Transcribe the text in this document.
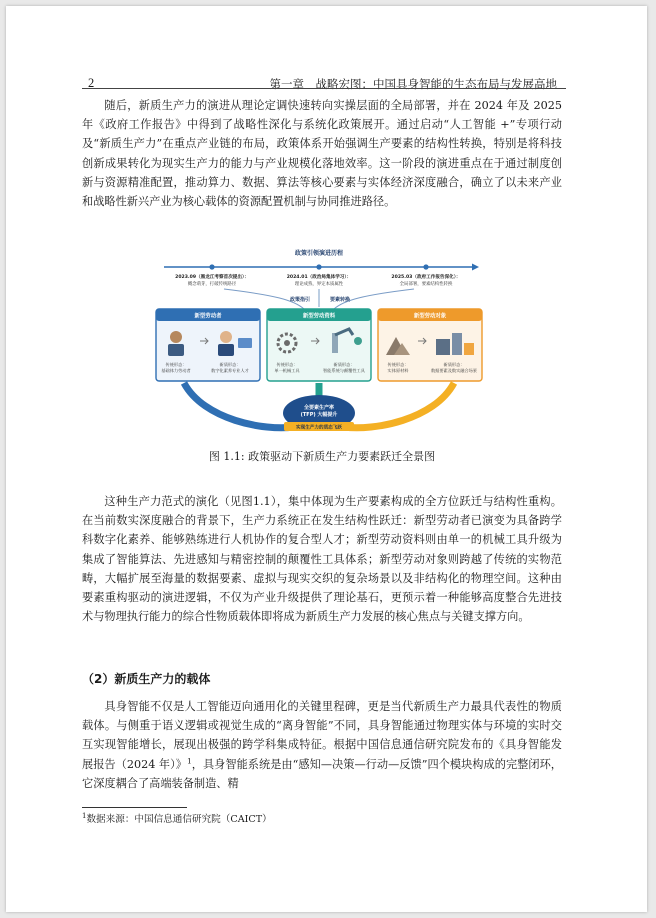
2	第一章　战略宏图：中国具身智能的生态布局与发展高地

随后，新质生产力的演进从理论定调快速转向实操层面的全局部署，并在 2024 年及 2025 年《政府工作报告》中得到了战略性深化与系统化政策展开。通过启动“人工智能 +”专项行动及“新质生产力”在重点产业链的布局，政策体系开始强调生产要素的结构性转换，特别是将科技创新成果转化为现实生产力的能力与产业规模化落地效率。这一阶段的演进重点在于通过制度创新与资源精准配置，推动算力、数据、算法等核心要素与实体经济深度融合，确立了以未来产业和战略性新兴产业为核心载体的资源配置机制与协同推进路径。

政策引领演进历程
2023.09（黑龙江考察首次提出）：
概念萌芽，打破传统路径
2024.01（政治局集体学习）：
理论成熟，界定本质属性
2025.03（政府工作报告深化）：
全局部署，要素结构性转换
政策指引	要素转换
新型劳动者
传统形态：
基础体力劳动者
新质形态：
数字化素养专业人才
新型劳动资料
传统形态：
单一机械工具
新质形态：
智能系统与颠覆性工具
新型劳动对象
传统形态：
实体原材料
新质形态：
数据要素及数实融合场景
全要素生产率
(TFP) 大幅提升
实现生产力的质态飞跃
图 1.1: 政策驱动下新质生产力要素跃迁全景图

这种生产力范式的演化（见图1.1），集中体现为生产要素构成的全方位跃迁与结构性重构。在当前数实深度融合的背景下，生产力系统正在发生结构性跃迁：新型劳动者已演变为具备跨学科数字化素养、能够熟练进行人机协作的复合型人才；新型劳动资料则由单一的机械工具升级为集成了智能算法、先进感知与精密控制的颠覆性工具体系；新型劳动对象则跨越了传统的实物范畴，大幅扩展至海量的数据要素、虚拟与现实交织的复杂场景以及非结构化的物理空间。这种由要素重构驱动的演进逻辑，不仅为产业升级提供了理论基石，更预示着一种能够高度整合先进技术与物理执行能力的综合性物质载体即将成为新质生产力发展的核心焦点与关键支撑方向。

（2）新质生产力的载体

具身智能不仅是人工智能迈向通用化的关键里程碑，更是当代新质生产力最具代表性的物质载体。与侧重于语义逻辑或视觉生成的“离身智能”不同，具身智能通过物理实体与环境的实时交互实现智能增长，展现出极强的跨学科集成特征。根据中国信息通信研究院发布的《具身智能发展报告（2024 年）》$^1$，具身智能系统是由“感知—决策—行动—反馈”四个模块构成的完整闭环，它深度耦合了高端装备制造、精

$^1$数据来源：中国信息通信研究院（CAICT）
